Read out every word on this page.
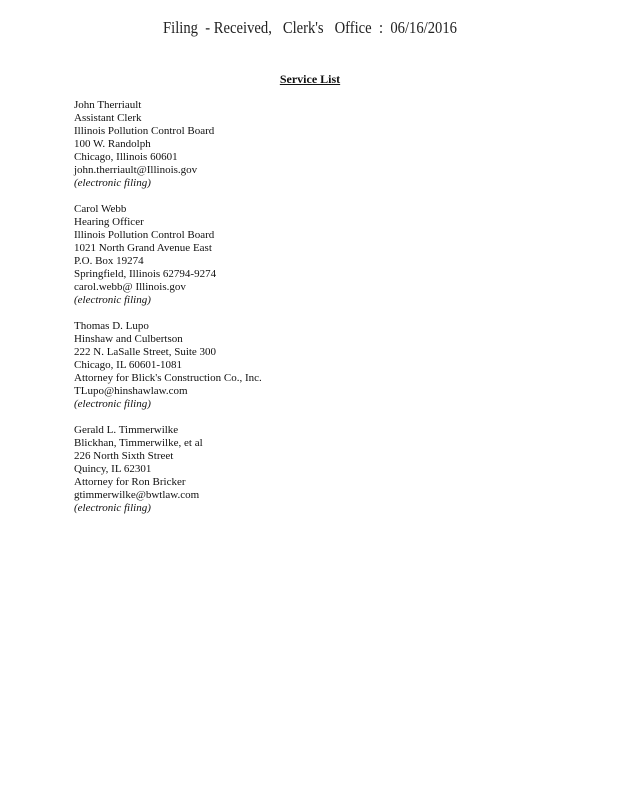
Filing  - Received,   Clerk's   Office  :  06/16/2016
Service List
John Therriault
Assistant Clerk
Illinois Pollution Control Board
100 W. Randolph
Chicago, Illinois 60601
john.therriault@Illinois.gov
(electronic filing)
Carol Webb
Hearing Officer
Illinois Pollution Control Board
1021 North Grand Avenue East
P.O. Box 19274
Springfield, Illinois 62794-9274
carol.webb@ Illinois.gov
(electronic filing)
Thomas D. Lupo
Hinshaw and Culbertson
222 N. LaSalle Street, Suite 300
Chicago, IL 60601-1081
Attorney for Blick's Construction Co., Inc.
TLupo@hinshawlaw.com
(electronic filing)
Gerald L. Timmerwilke
Blickhan, Timmerwilke, et al
226 North Sixth Street
Quincy, IL 62301
Attorney for Ron Bricker
gtimmerwilke@bwtlaw.com
(electronic filing)
